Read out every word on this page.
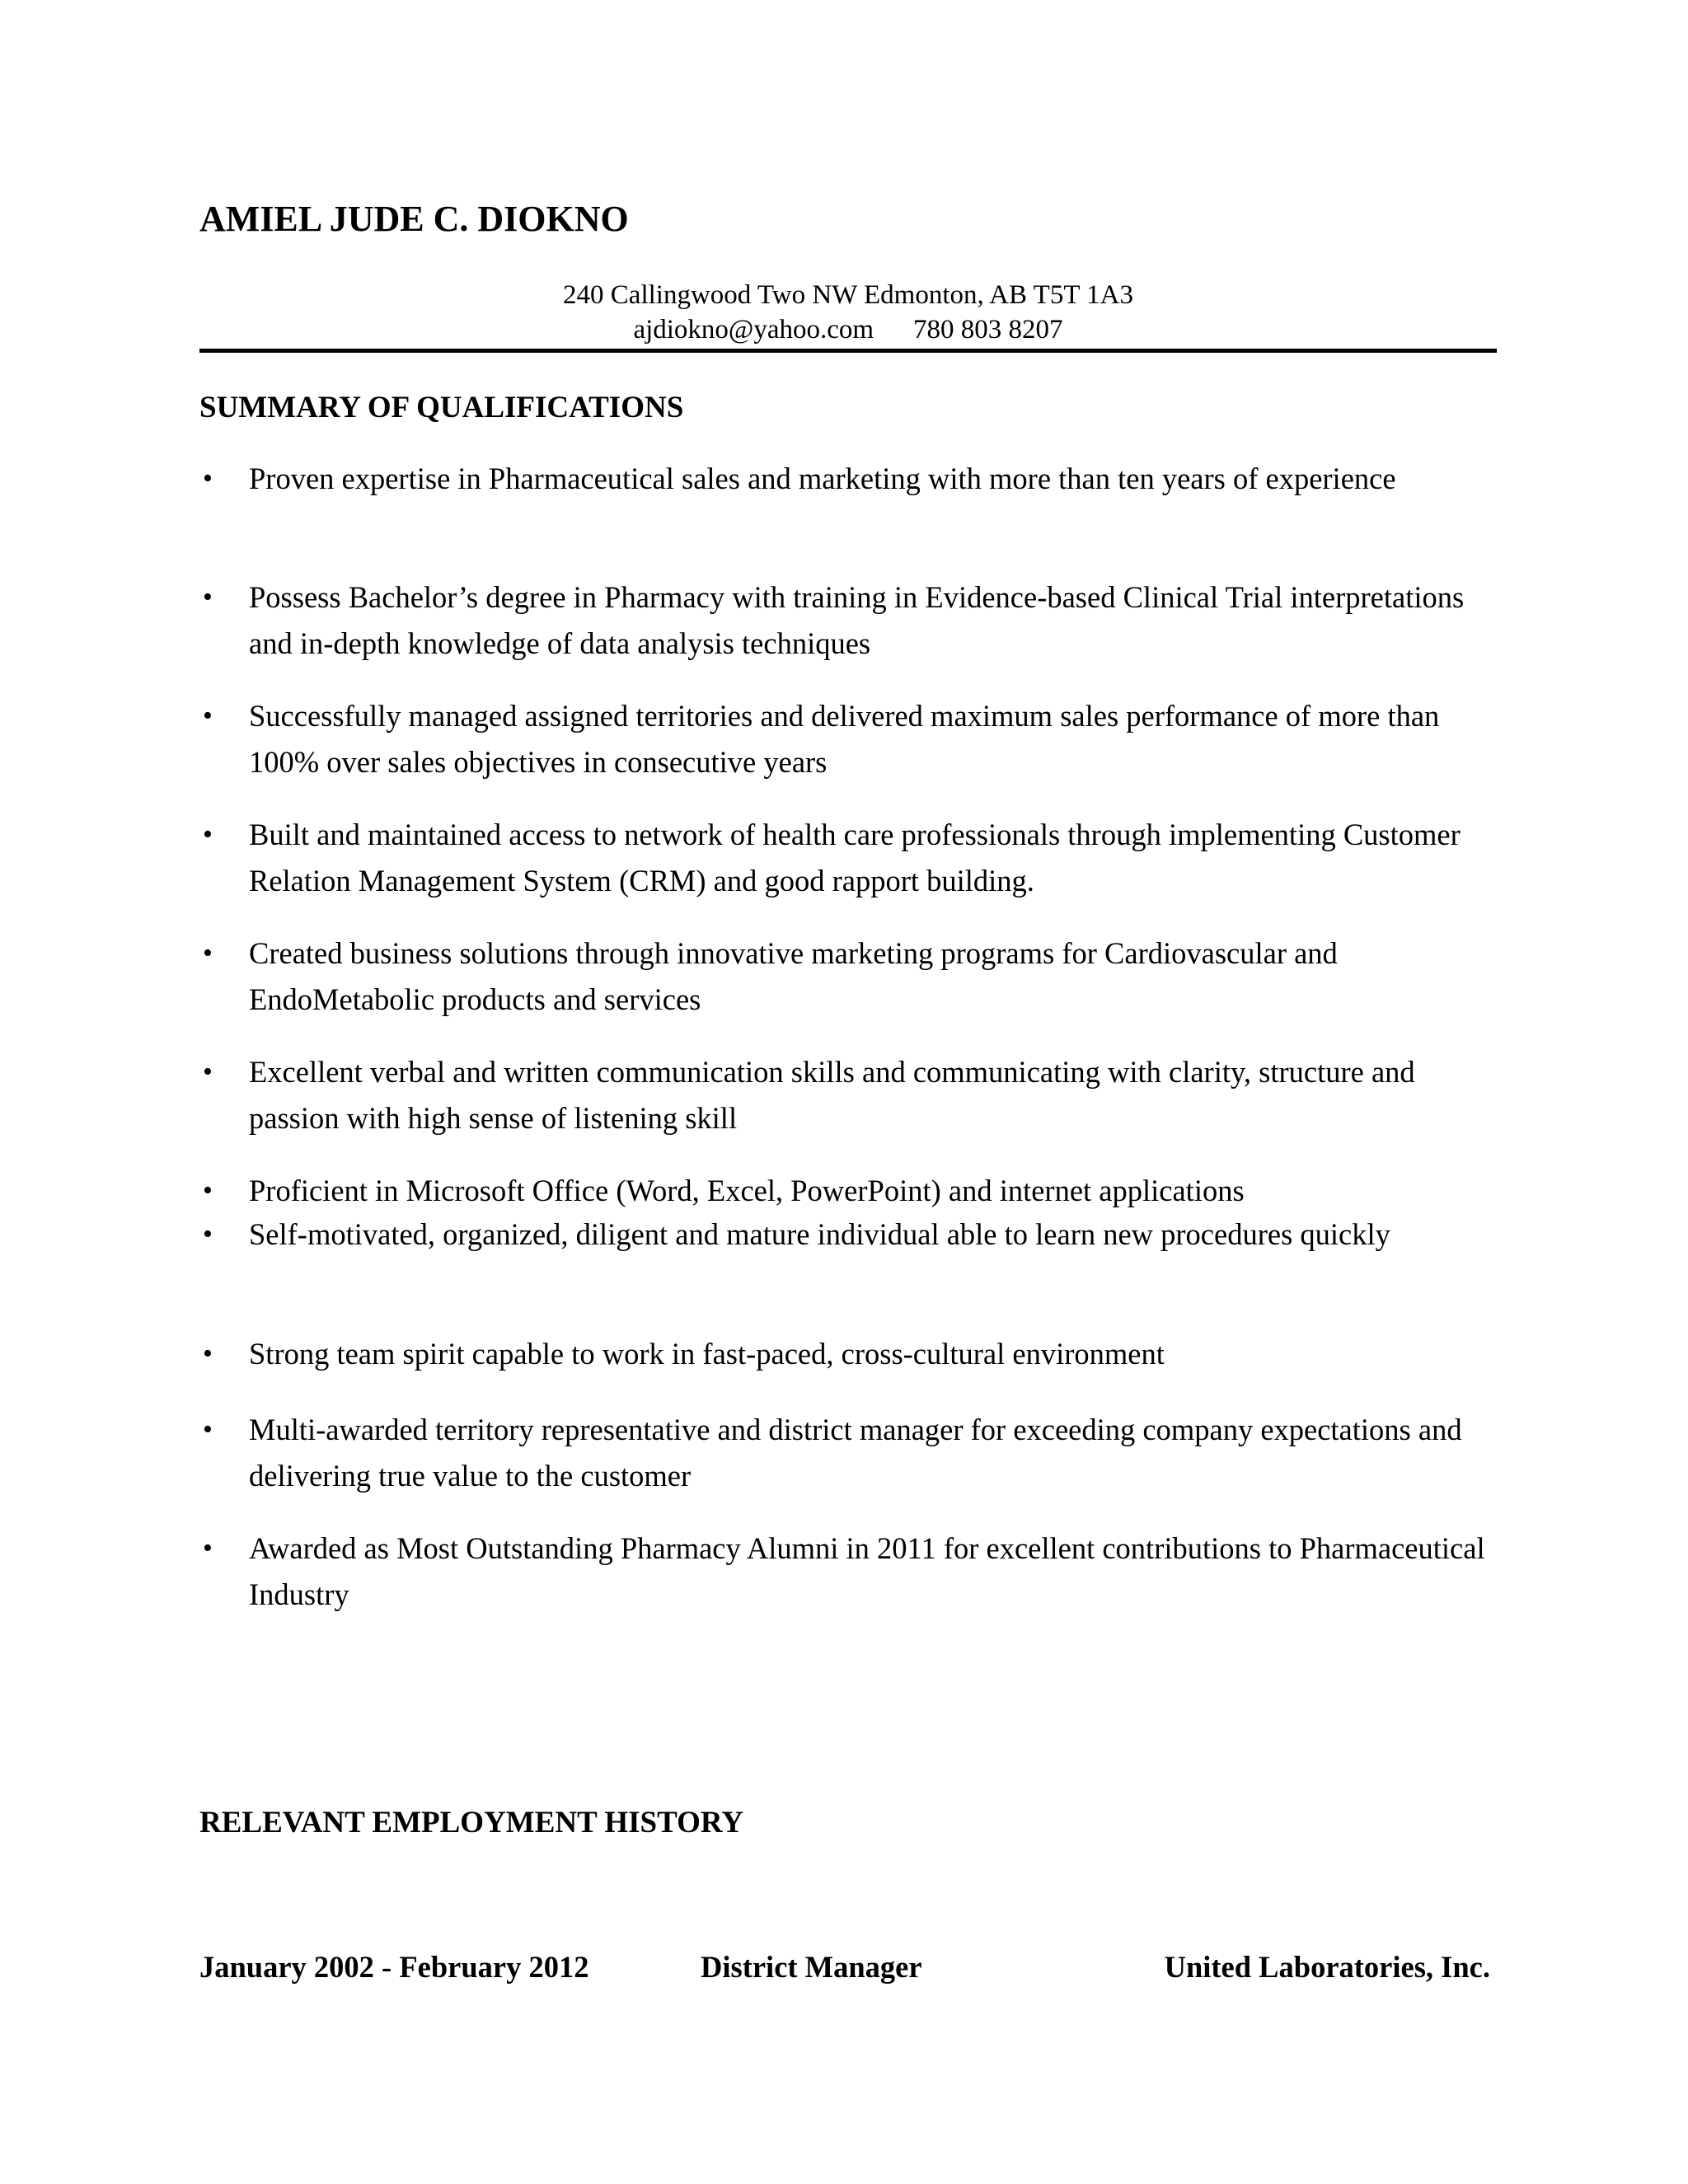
AMIEL JUDE C. DIOKNO
240 Callingwood Two NW Edmonton, AB T5T 1A3
ajdiokno@yahoo.com 780 803 8207
SUMMARY OF QUALIFICATIONS
• Proven expertise in Pharmaceutical sales and marketing with more than ten years of experience
• Possess Bachelor’s degree in Pharmacy with training in Evidence-based Clinical Trial interpretations and in-depth knowledge of data analysis techniques
• Successfully managed assigned territories and delivered maximum sales performance of more than 100% over sales objectives in consecutive years
• Built and maintained access to network of health care professionals through implementing Customer Relation Management System (CRM) and good rapport building.
• Created business solutions through innovative marketing programs for Cardiovascular and EndoMetabolic products and services
• Excellent verbal and written communication skills and communicating with clarity, structure and passion with high sense of listening skill
• Proficient in Microsoft Office (Word, Excel, PowerPoint) and internet applications
• Self-motivated, organized, diligent and mature individual able to learn new procedures quickly
• Strong team spirit capable to work in fast-paced, cross-cultural environment
• Multi-awarded territory representative and district manager for exceeding company expectations and delivering true value to the customer
• Awarded as Most Outstanding Pharmacy Alumni in 2011 for excellent contributions to Pharmaceutical Industry
RELEVANT EMPLOYMENT HISTORY
January 2002 - February 2012	District Manager	United Laboratories, Inc.
